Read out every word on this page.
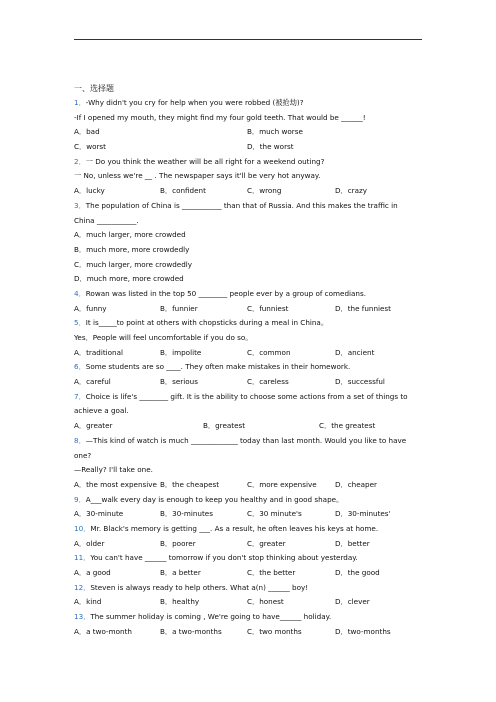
一、选择题
1．-Why didn't you cry for help when you were robbed (被抢劫)?
-If I opened my mouth, they might find my four gold teeth. That would be ______!
A．bad	B．much worse
C．worst	D．the worst
2．一 Do you think the weather will be all right for a weekend outing?
一 No, unless we're __ . The newspaper says it'll be very hot anyway.
A．lucky	B．confident	C．wrong	D．crazy
3．The population of China is ___________ than that of Russia. And this makes the traffic in
China ___________.
A．much larger, more crowded
B．much more, more crowdedly
C．much larger, more crowdedly
D．much more, more crowded
4．Rowan was listed in the top 50 ________ people ever by a group of comedians.
A．funny	B．funnier	C．funniest	D．the funniest
5．It is_____to point at others with chopsticks during a meal in China。
Yes．People will feel uncomfortable if you do so。
A．traditional	B．impolite	C．common	D．ancient
6．Some students are so ____. They often make mistakes in their homework.
A．careful	B．serious	C．careless	D．successful
7．Choice is life's ________ gift. It is the ability to choose some actions from a set of things to
achieve a goal.
A．greater	B．greatest	C．the greatest
8．—This kind of watch is much _____________ today than last month. Would you like to have
one?
—Really? I'll take one.
A．the most expensive B．the cheapest	C．more expensive	D．cheaper
9．A___walk every day is enough to keep you healthy and in good shape。
A．30-minute	B．30-minutes	C．30 minute's	D．30-minutes'
10．Mr. Black's memory is getting ___. As a result, he often leaves his keys at home.
A．older	B．poorer	C．greater	D．better
11．You can't have ______ tomorrow if you don't stop thinking about yesterday.
A．a good	B．a better	C．the better	D．the good
12．Steven is always ready to help others. What a(n) ______ boy!
A．kind	B．healthy	C．honest	D．clever
13．The summer holiday is coming , We're going to have______ holiday.
A．a two-month	B．a two-months	C．two months	D．two-months
